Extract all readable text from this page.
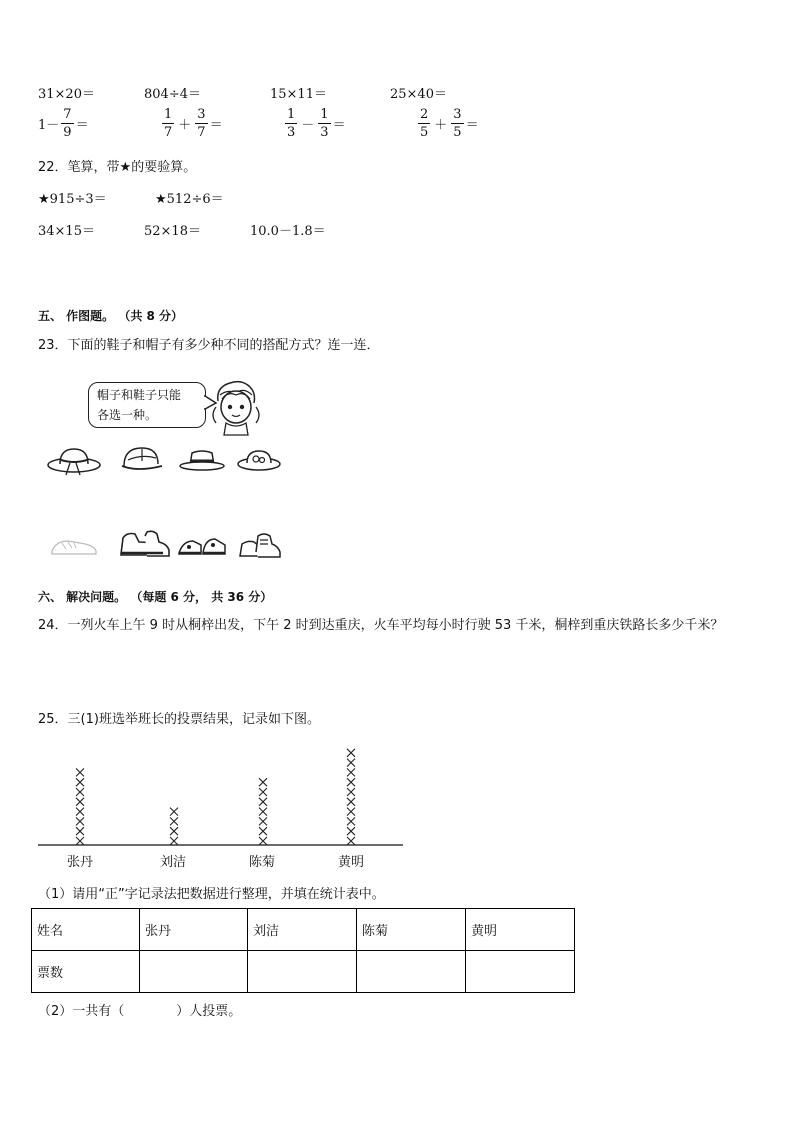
31×20＝	804÷4＝	15×11＝	25×40＝
$1- \frac{7}{9}$ ＝	$\frac{1}{7} + \frac{3}{7}$ ＝	$\frac{1}{3} - \frac{1}{3}$ ＝	$\frac{2}{5} + \frac{3}{5}$ ＝
22．笔算，带★的要验算。
★915÷3＝	★512÷6＝
34×15＝	52×18＝	10.0－1.8＝
五、 作图题。 （共 8 分）
23．下面的鞋子和帽子有多少种不同的搭配方式？连一连．
帽子和鞋子只能
各选一种。
六、 解决问题。 （每题 6 分， 共 36 分）
24．一列火车上午 9 时从桐梓出发，下午 2 时到达重庆，火车平均每小时行驶 53 千米，桐梓到重庆铁路长多少千米？
25．三(1)班选举班长的投票结果，记录如下图。
张丹	刘洁	陈菊	黄明
（1）请用“正”字记录法把数据进行整理，并填在统计表中。
姓名	张丹	刘洁	陈菊	黄明
票数				
（2）一共有（　　　　）人投票。
